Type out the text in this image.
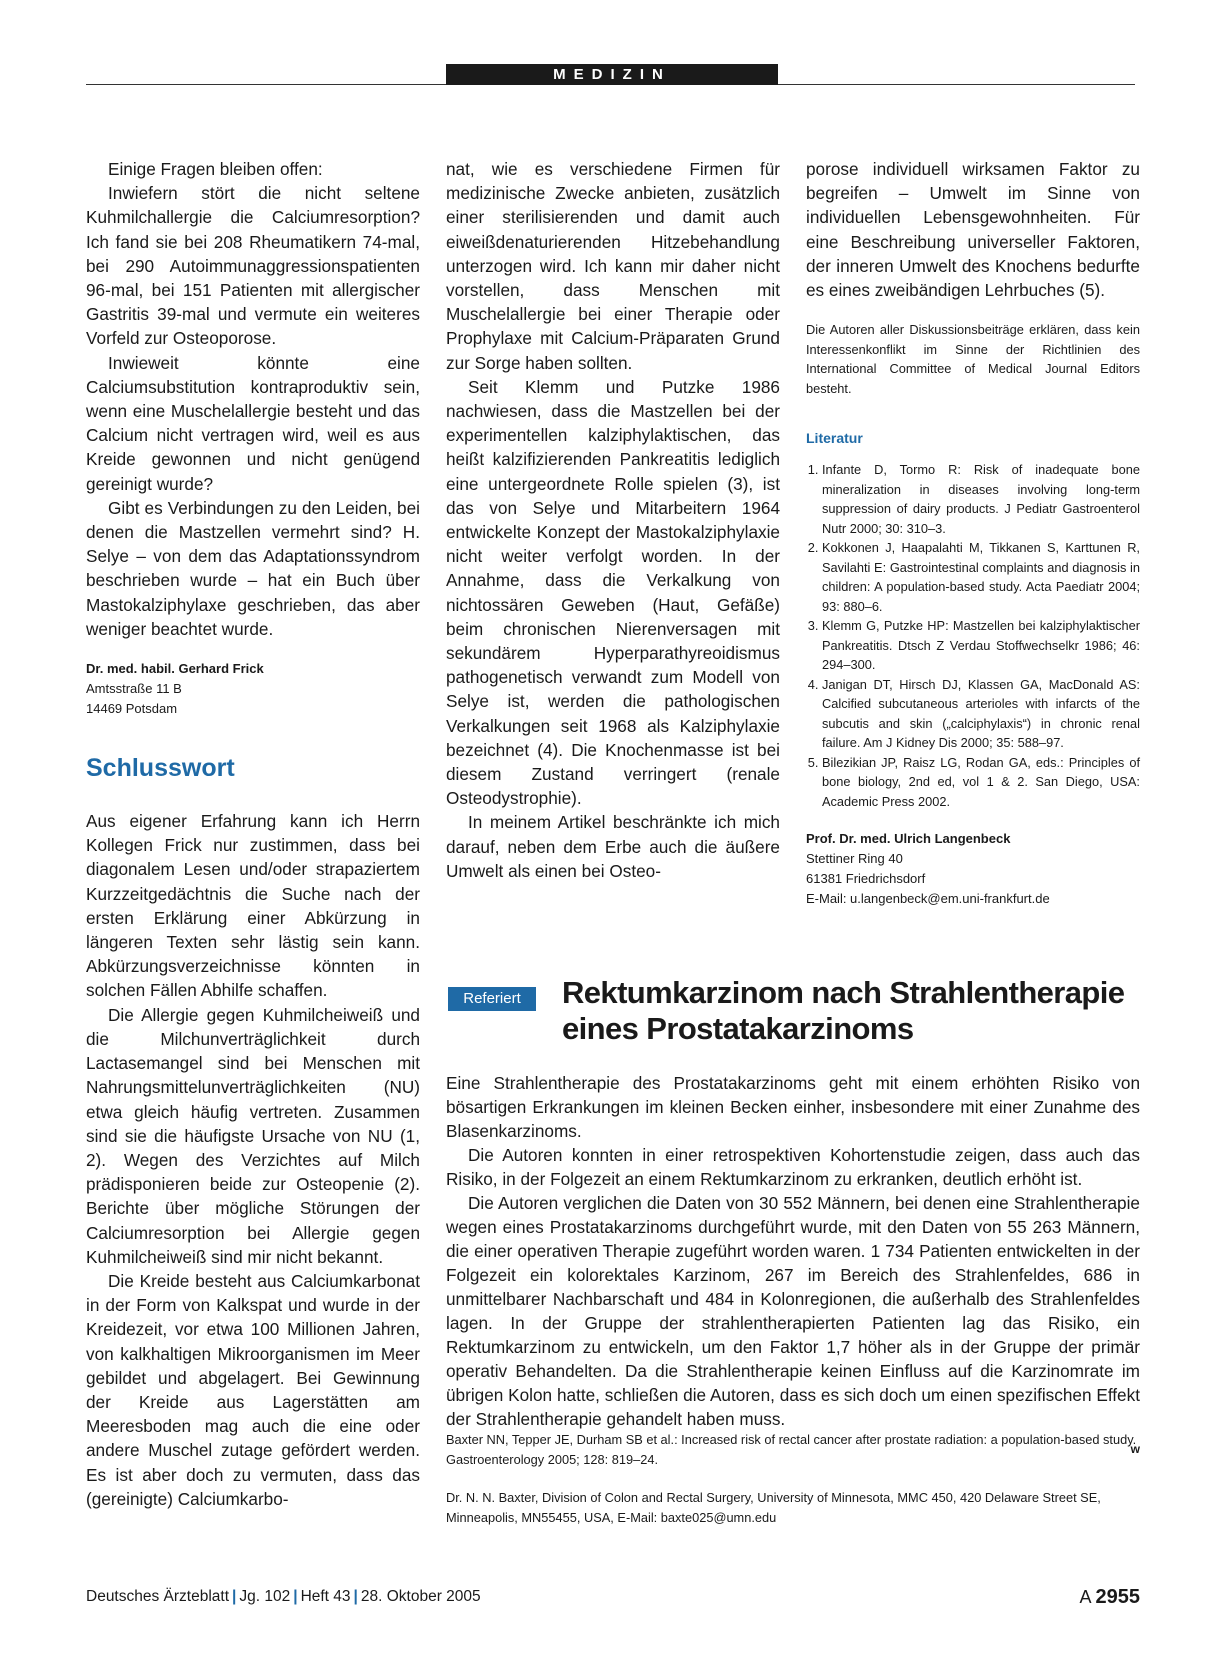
MEDIZIN

Einige Fragen bleiben offen:

Inwiefern stört die nicht seltene Kuhmilchallergie die Calciumresorption? Ich fand sie bei 208 Rheumatikern 74-mal, bei 290 Autoimmunaggressionspatienten 96-mal, bei 151 Patienten mit allergischer Gastritis 39-mal und vermute ein weiteres Vorfeld zur Osteoporose.

Inwieweit könnte eine Calciumsubstitution kontraproduktiv sein, wenn eine Muschelallergie besteht und das Calcium nicht vertragen wird, weil es aus Kreide gewonnen und nicht genügend gereinigt wurde?

Gibt es Verbindungen zu den Leiden, bei denen die Mastzellen vermehrt sind? H. Selye – von dem das Adaptationssyndrom beschrieben wurde – hat ein Buch über Mastokalziphylaxe geschrieben, das aber weniger beachtet wurde.

Dr. med. habil. Gerhard Frick
Amtsstraße 11 B
14469 Potsdam
Schlusswort

Aus eigener Erfahrung kann ich Herrn Kollegen Frick nur zustimmen, dass bei diagonalem Lesen und/oder strapaziertem Kurzzeitgedächtnis die Suche nach der ersten Erklärung einer Abkürzung in längeren Texten sehr lästig sein kann. Abkürzungsverzeichnisse könnten in solchen Fällen Abhilfe schaffen.

Die Allergie gegen Kuhmilcheiweiß und die Milchunverträglichkeit durch Lactasemangel sind bei Menschen mit Nahrungsmittelunverträglichkeiten (NU) etwa gleich häufig vertreten. Zusammen sind sie die häufigste Ursache von NU (1, 2). Wegen des Verzichtes auf Milch prädisponieren beide zur Osteopenie (2). Berichte über mögliche Störungen der Calciumresorption bei Allergie gegen Kuhmilcheiweiß sind mir nicht bekannt.

Die Kreide besteht aus Calciumkarbonat in der Form von Kalkspat und wurde in der Kreidezeit, vor etwa 100 Millionen Jahren, von kalkhaltigen Mikroorganismen im Meer gebildet und abgelagert. Bei Gewinnung der Kreide aus Lagerstätten am Meeresboden mag auch die eine oder andere Muschel zutage gefördert werden. Es ist aber doch zu vermuten, dass das (gereinigte) Calciumkarbo-

nat, wie es verschiedene Firmen für medizinische Zwecke anbieten, zusätzlich einer sterilisierenden und damit auch eiweißdenaturierenden Hitzebehandlung unterzogen wird. Ich kann mir daher nicht vorstellen, dass Menschen mit Muschelallergie bei einer Therapie oder Prophylaxe mit Calcium-Präparaten Grund zur Sorge haben sollten.

Seit Klemm und Putzke 1986 nachwiesen, dass die Mastzellen bei der experimentellen kalziphylaktischen, das heißt kalzifizierenden Pankreatitis lediglich eine untergeordnete Rolle spielen (3), ist das von Selye und Mitarbeitern 1964 entwickelte Konzept der Mastokalziphylaxie nicht weiter verfolgt worden. In der Annahme, dass die Verkalkung von nichtossären Geweben (Haut, Gefäße) beim chronischen Nierenversagen mit sekundärem Hyperparathyreoidismus pathogenetisch verwandt zum Modell von Selye ist, werden die pathologischen Verkalkungen seit 1968 als Kalziphylaxie bezeichnet (4). Die Knochenmasse ist bei diesem Zustand verringert (renale Osteodystrophie).

In meinem Artikel beschränkte ich mich darauf, neben dem Erbe auch die äußere Umwelt als einen bei Osteo-

porose individuell wirksamen Faktor zu begreifen – Umwelt im Sinne von individuellen Lebensgewohnheiten. Für eine Beschreibung universeller Faktoren, der inneren Umwelt des Knochens bedurfte es eines zweibändigen Lehrbuches (5).

Die Autoren aller Diskussionsbeiträge erklären, dass kein Interessenkonflikt im Sinne der Richtlinien des International Committee of Medical Journal Editors besteht.
Literatur
1. Infante D, Tormo R: Risk of inadequate bone mineralization in diseases involving long-term suppression of dairy products. J Pediatr Gastroenterol Nutr 2000; 30: 310–3.
2. Kokkonen J, Haapalahti M, Tikkanen S, Karttunen R, Savilahti E: Gastrointestinal complaints and diagnosis in children: A population-based study. Acta Paediatr 2004; 93: 880–6.
3. Klemm G, Putzke HP: Mastzellen bei kalziphylaktischer Pankreatitis. Dtsch Z Verdau Stoffwechselkr 1986; 46: 294–300.
4. Janigan DT, Hirsch DJ, Klassen GA, MacDonald AS: Calcified subcutaneous arterioles with infarcts of the subcutis and skin („calciphylaxis“) in chronic renal failure. Am J Kidney Dis 2000; 35: 588–97.
5. Bilezikian JP, Raisz LG, Rodan GA, eds.: Principles of bone biology, 2nd ed, vol 1 & 2. San Diego, USA: Academic Press 2002.
Prof. Dr. med. Ulrich Langenbeck
Stettiner Ring 40
61381 Friedrichsdorf
E-Mail: u.langenbeck@em.uni-frankfurt.de
Referiert	Rektumkarzinom nach Strahlentherapie
eines Prostatakarzinoms

Eine Strahlentherapie des Prostatakarzinoms geht mit einem erhöhten Risiko von bösartigen Erkrankungen im kleinen Becken einher, insbesondere mit einer Zunahme des Blasenkarzinoms.

Die Autoren konnten in einer retrospektiven Kohortenstudie zeigen, dass auch das Risiko, in der Folgezeit an einem Rektumkarzinom zu erkranken, deutlich erhöht ist.

Die Autoren verglichen die Daten von 30 552 Männern, bei denen eine Strahlentherapie wegen eines Prostatakarzinoms durchgeführt wurde, mit den Daten von 55 263 Männern, die einer operativen Therapie zugeführt worden waren. 1 734 Patienten entwickelten in der Folgezeit ein kolorektales Karzinom, 267 im Bereich des Strahlenfeldes, 686 in unmittelbarer Nachbarschaft und 484 in Kolonregionen, die außerhalb des Strahlenfeldes lagen. In der Gruppe der strahlentherapierten Patienten lag das Risiko, ein Rektumkarzinom zu entwickeln, um den Faktor 1,7 höher als in der Gruppe der primär operativ Behandelten. Da die Strahlentherapie keinen Einfluss auf die Karzinomrate im übrigen Kolon hatte, schließen die Autoren, dass es sich doch um einen spezifischen Effekt der Strahlentherapie gehandelt haben muss.

w
Baxter NN, Tepper JE, Durham SB et al.: Increased risk of rectal cancer after prostate radiation: a population-based study. Gastroenterology 2005; 128: 819–24.
Dr. N. N. Baxter, Division of Colon and Rectal Surgery, University of Minnesota, MMC 450, 420 Delaware Street SE, Minneapolis, MN55455, USA, E-Mail: baxte025@umn.edu
Deutsches Ärzteblatt | Jg. 102 | Heft 43 | 28. Oktober 2005	A 2955
